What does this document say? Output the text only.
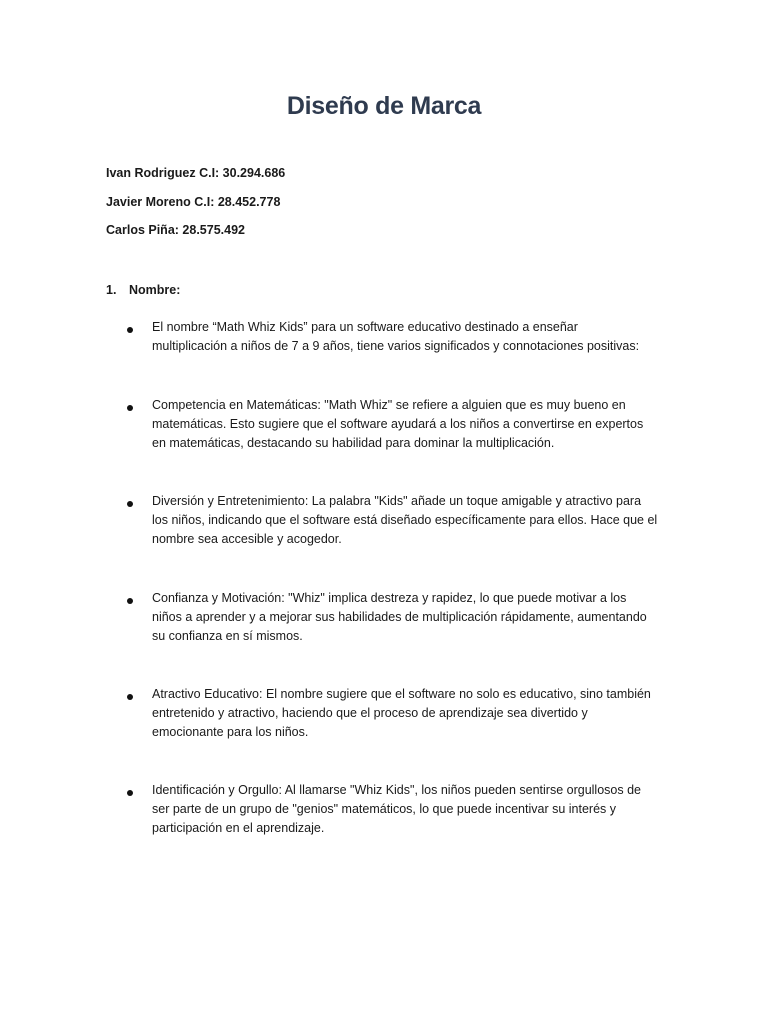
Diseño de Marca
Ivan Rodriguez C.I: 30.294.686
Javier Moreno C.I: 28.452.778
Carlos Piña: 28.575.492
1.	Nombre:
El nombre “Math Whiz Kids” para un software educativo destinado a enseñar
multiplicación a niños de 7 a 9 años, tiene varios significados y connotaciones positivas:
Competencia en Matemáticas: "Math Whiz" se refiere a alguien que es muy bueno en
matemáticas. Esto sugiere que el software ayudará a los niños a convertirse en expertos
en matemáticas, destacando su habilidad para dominar la multiplicación.
Diversión y Entretenimiento: La palabra "Kids" añade un toque amigable y atractivo para
los niños, indicando que el software está diseñado específicamente para ellos. Hace que el
nombre sea accesible y acogedor.
Confianza y Motivación: "Whiz" implica destreza y rapidez, lo que puede motivar a los
niños a aprender y a mejorar sus habilidades de multiplicación rápidamente, aumentando
su confianza en sí mismos.
Atractivo Educativo: El nombre sugiere que el software no solo es educativo, sino también
entretenido y atractivo, haciendo que el proceso de aprendizaje sea divertido y
emocionante para los niños.
Identificación y Orgullo: Al llamarse "Whiz Kids", los niños pueden sentirse orgullosos de
ser parte de un grupo de "genios" matemáticos, lo que puede incentivar su interés y
participación en el aprendizaje.
